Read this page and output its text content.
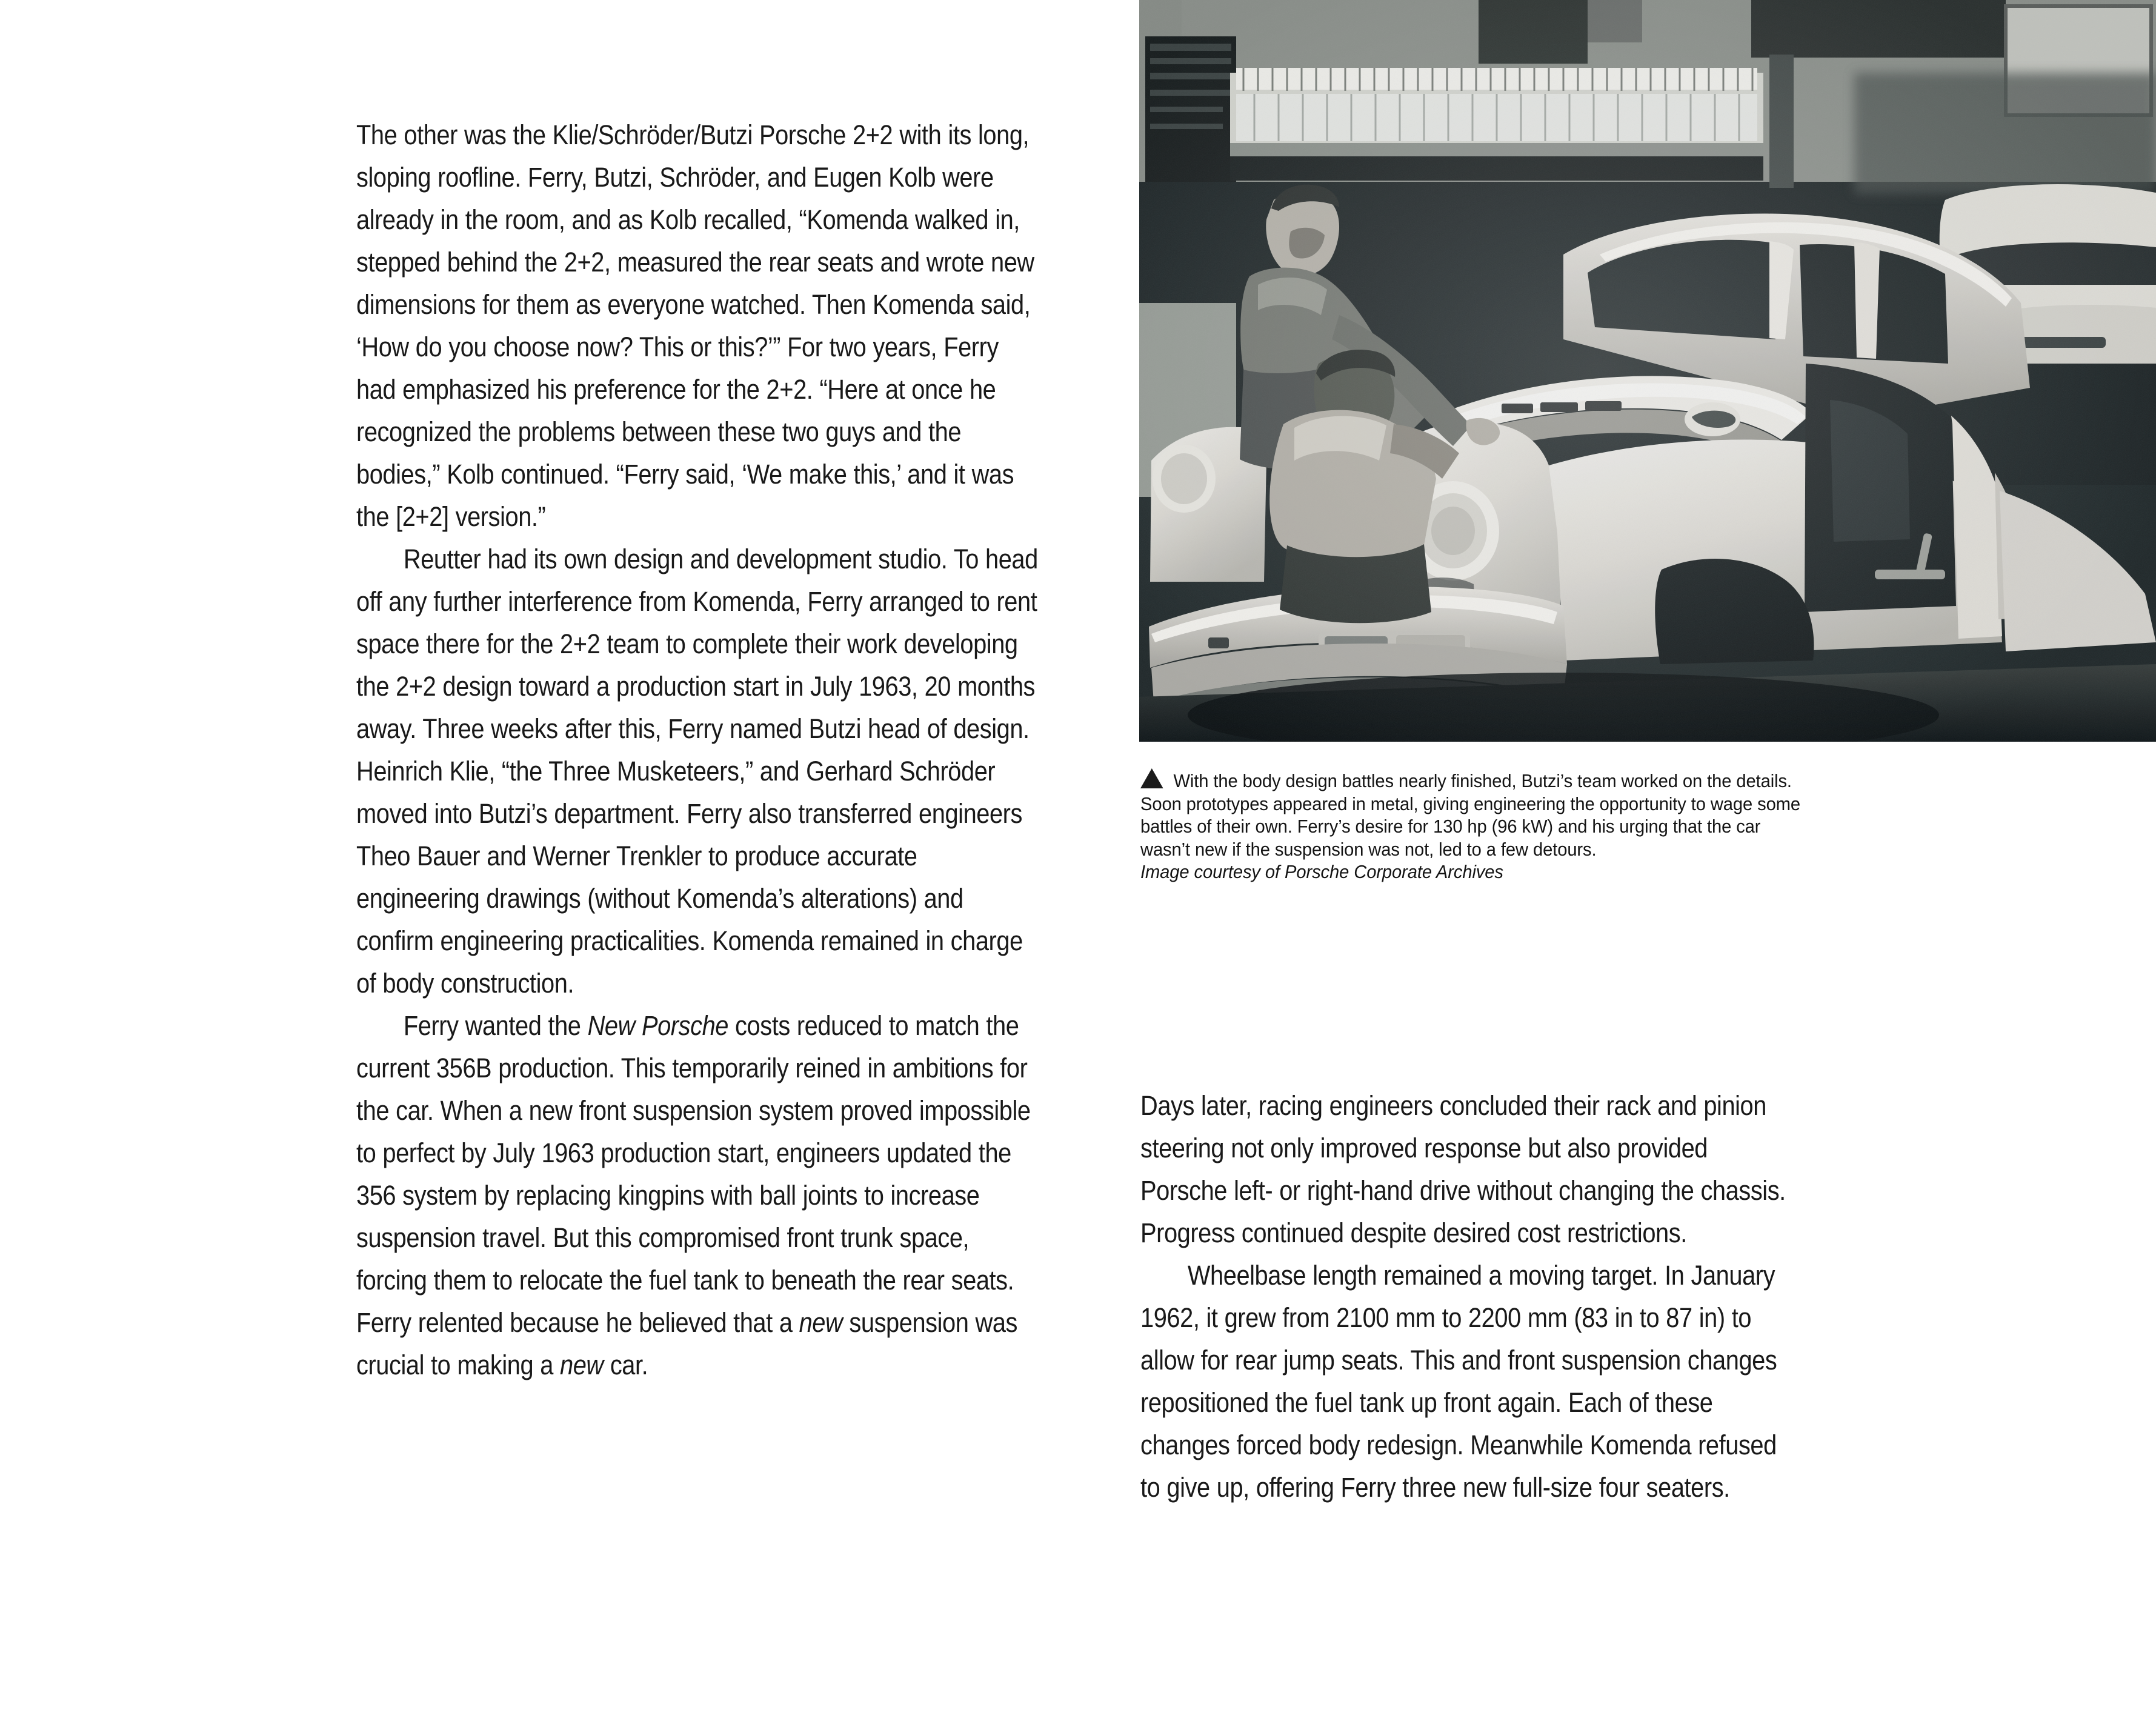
The other was the Klie/Schröder/Butzi Porsche 2+2 with its long, sloping roofline. Ferry, Butzi, Schröder, and Eugen Kolb were already in the room, and as Kolb recalled, “Komenda walked in, stepped behind the 2+2, measured the rear seats and wrote new dimensions for them as everyone watched. Then Komenda said, ‘How do you choose now? This or this?’” For two years, Ferry had emphasized his preference for the 2+2. “Here at once he recognized the problems between these two guys and the bodies,” Kolb continued. “Ferry said, ‘We make this,’ and it was the [2+2] version.”

Reutter had its own design and development studio. To head off any further interference from Komenda, Ferry arranged to rent space there for the 2+2 team to complete their work developing the 2+2 design toward a production start in July 1963, 20 months away. Three weeks after this, Ferry named Butzi head of design. Heinrich Klie, “the Three Musketeers,” and Gerhard Schröder moved into Butzi’s department. Ferry also transferred engineers Theo Bauer and Werner Trenkler to produce accurate engineering drawings (without Komenda’s alterations) and confirm engineering practicalities. Komenda remained in charge of body construction.

Ferry wanted the New Porsche costs reduced to match the current 356B production. This temporarily reined in ambitions for the car. When a new front suspension system proved impossible to perfect by July 1963 production start, engineers updated the 356 system by replacing kingpins with ball joints to increase suspension travel. But this compromised front trunk space, forcing them to relocate the fuel tank to beneath the rear seats. Ferry relented because he believed that a new suspension was crucial to making a new car.

With the body design battles nearly finished, Butzi’s team worked on the details. Soon prototypes appeared in metal, giving engineering the opportunity to wage some battles of their own. Ferry’s desire for 130 hp (96 kW) and his urging that the car wasn’t new if the suspension was not, led to a few detours.
Image courtesy of Porsche Corporate Archives

Days later, racing engineers concluded their rack and pinion steering not only improved response but also provided Porsche left- or right-hand drive without changing the chassis. Progress continued despite desired cost restrictions.

Wheelbase length remained a moving target. In January 1962, it grew from 2100 mm to 2200 mm (83 in to 87 in) to allow for rear jump seats. This and front suspension changes repositioned the fuel tank up front again. Each of these changes forced body redesign. Meanwhile Komenda refused to give up, offering Ferry three new full-size four seaters.
